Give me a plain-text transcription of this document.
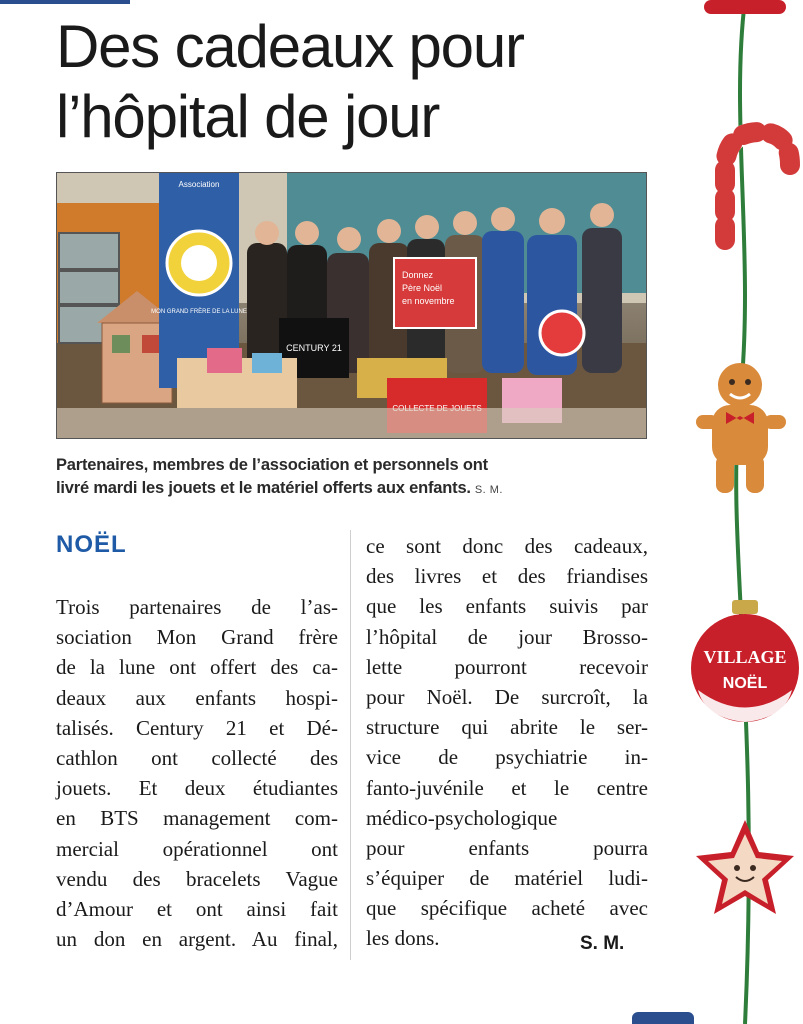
Des cadeaux pour
l’hôpital de jour
Association
MON GRAND FRÈRE DE LA LUNE
Donnez
Père Noël
en novembre
CENTURY 21

Partenaires, membres de l’association et personnels ont
livré mardi les jouets et le matériel offerts aux enfants. S. M.

NOËL
Trois partenaires de l’as-
sociation Mon Grand frère
de la lune ont offert des ca-
deaux aux enfants hospi-
talisés. Century 21 et Dé-
cathlon ont collecté des
jouets. Et deux étudiantes
en BTS management com-
mercial opérationnel ont
vendu des bracelets Vague
d’Amour et ont ainsi fait
un don en argent. Au final,
ce sont donc des cadeaux,
des livres et des friandises
que les enfants suivis par
l’hôpital de jour Brosso-
lette pourront recevoir
pour Noël. De surcroît, la
structure qui abrite le ser-
vice de psychiatrie in-
fanto-juvénile et le centre
médico-psychologique
pour enfants pourra
s’équiper de matériel ludi-
que spécifique acheté avec
les dons.	S. M.
VILLAGE
NOËL
